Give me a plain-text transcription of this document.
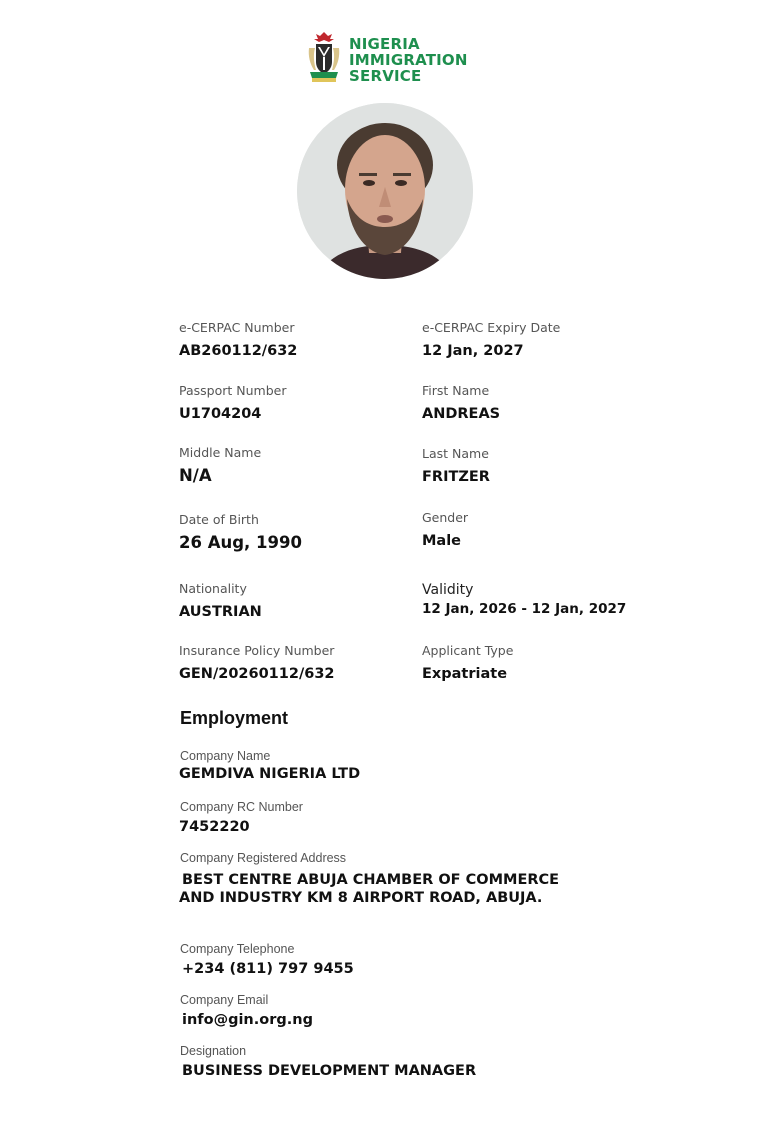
NIGERIA
IMMIGRATION
SERVICE
e-CERPAC Number
AB260112/632
Passport Number
U1704204
Middle Name
N/A
Date of Birth
26 Aug, 1990
Nationality
AUSTRIAN
Insurance Policy Number
GEN/20260112/632
e-CERPAC Expiry Date
12 Jan, 2027
First Name
ANDREAS
Last Name
FRITZER
Gender
Male
Validity
12 Jan, 2026 - 12 Jan, 2027
Applicant Type
Expatriate
Employment
Company Name
GEMDIVA NIGERIA LTD
Company RC Number
7452220
Company Registered Address
BEST CENTRE ABUJA CHAMBER OF COMMERCE
AND INDUSTRY KM 8 AIRPORT ROAD, ABUJA.
Company Telephone
+234 (811) 797 9455
Company Email
info@gin.org.ng
Designation
BUSINESS DEVELOPMENT MANAGER
